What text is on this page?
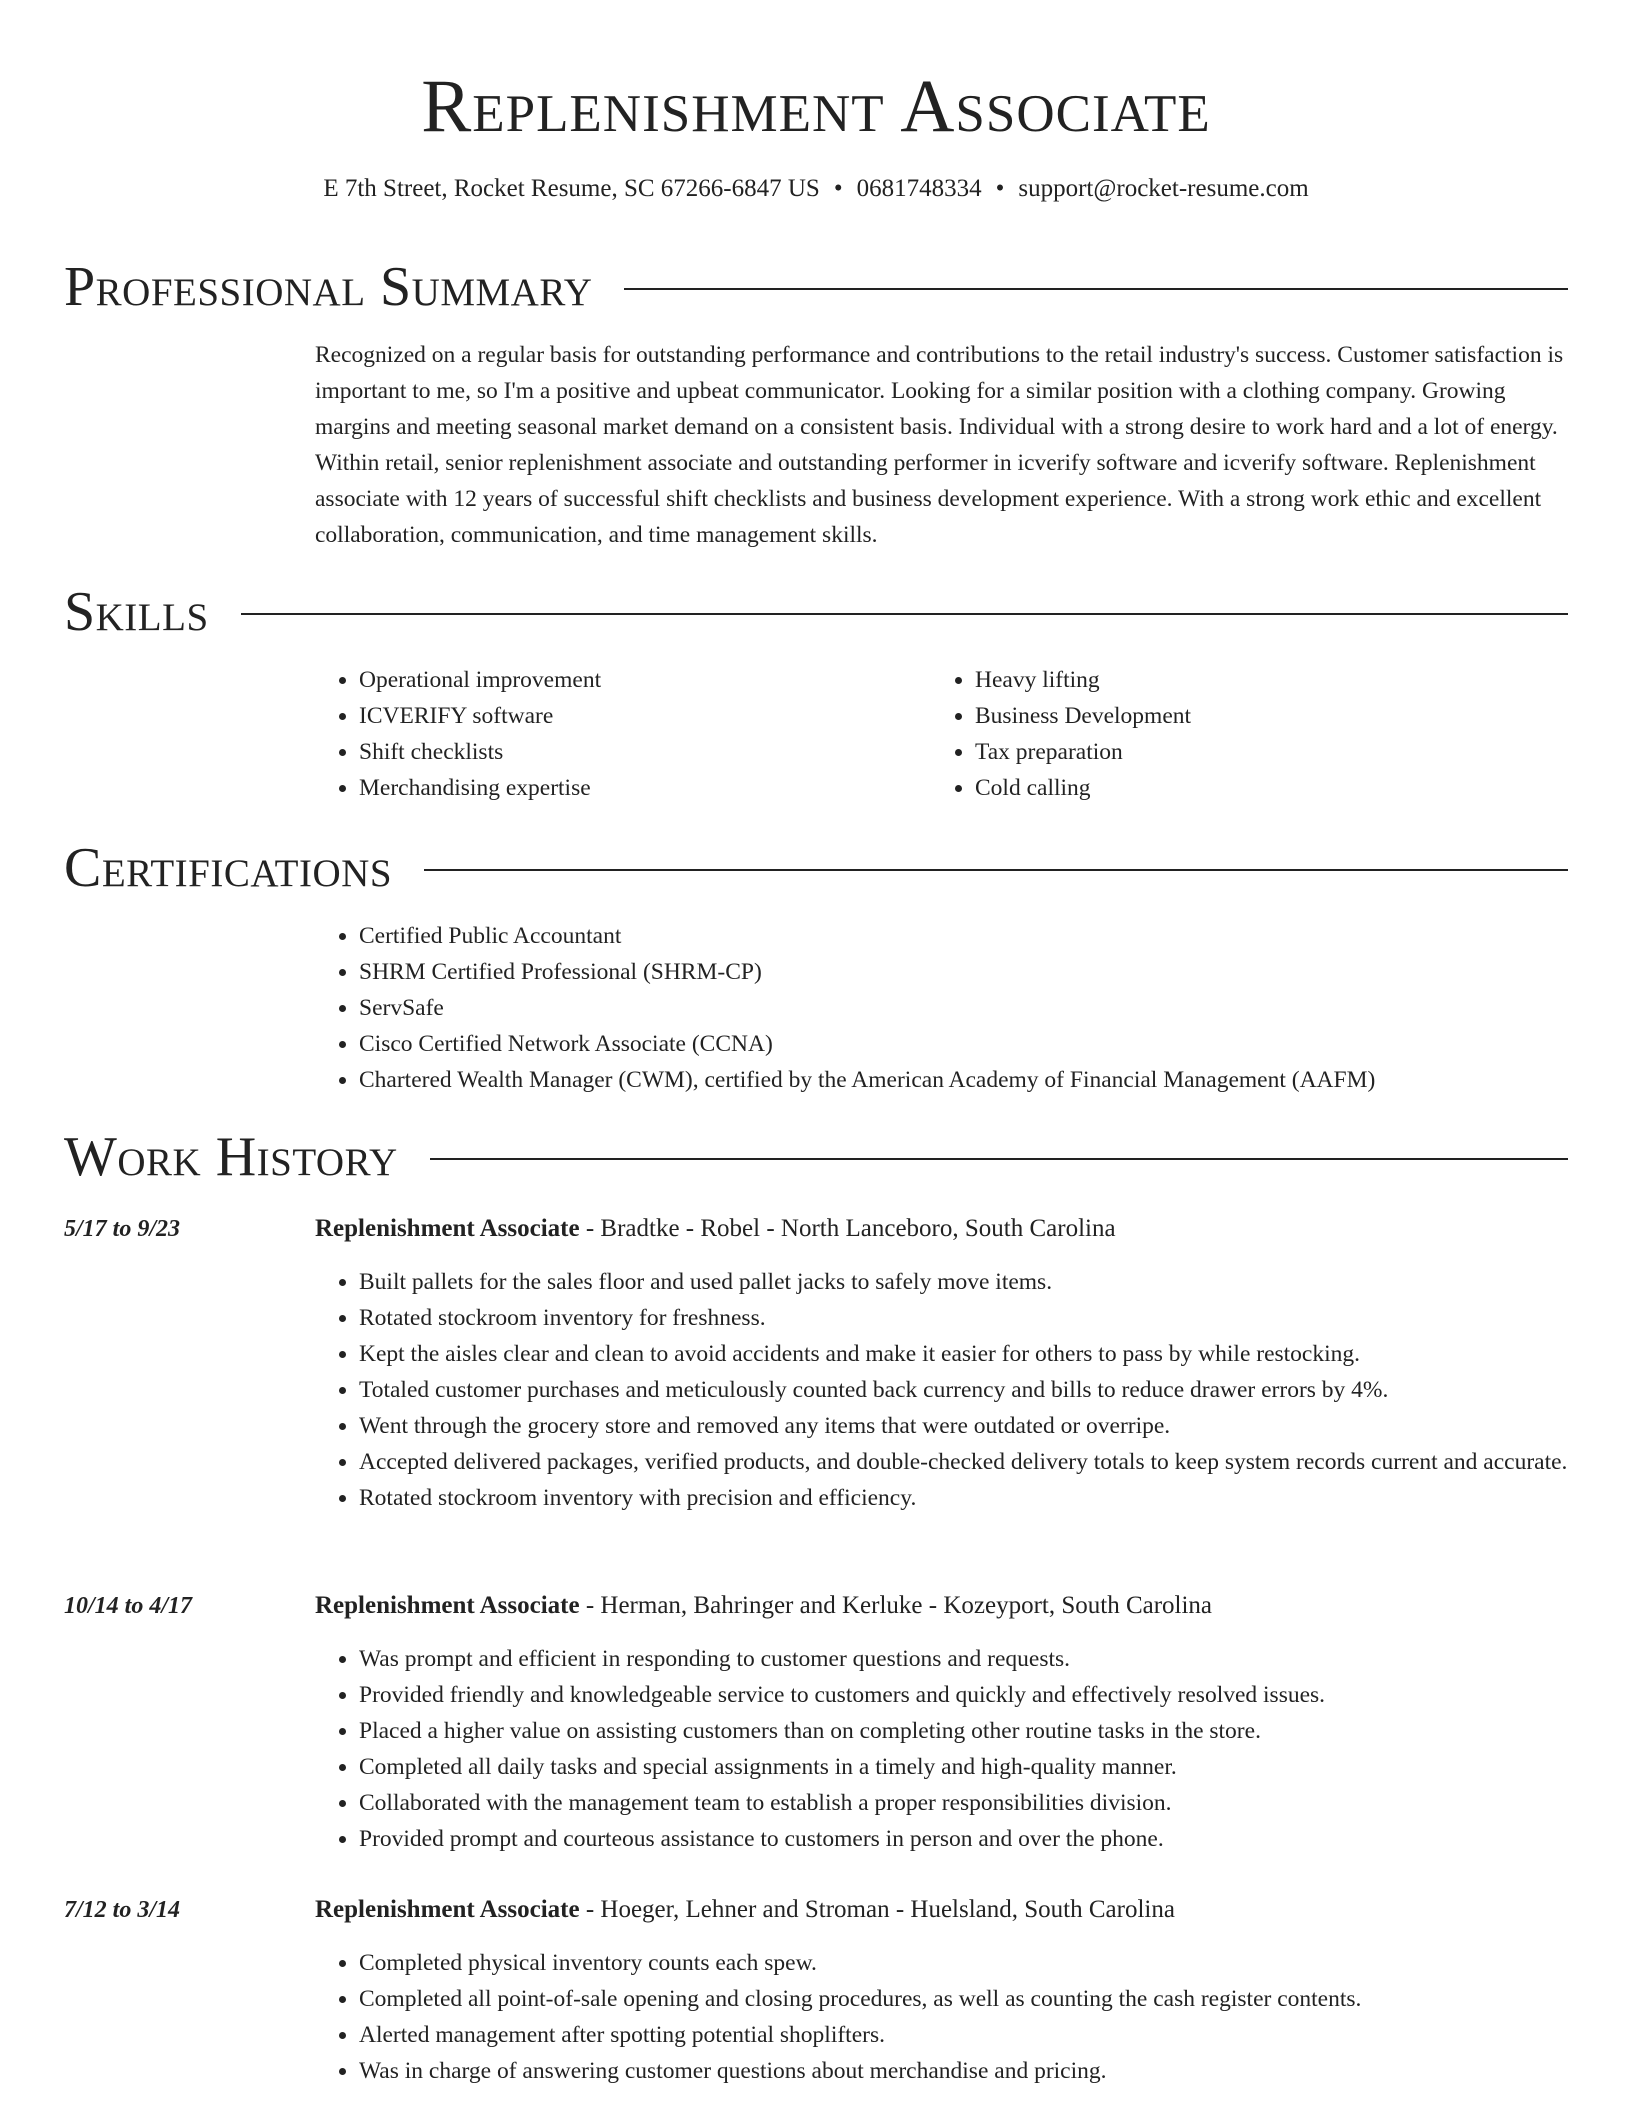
Replenishment Associate
E 7th Street, Rocket Resume, SC 67266-6847 US • 0681748334 • support@rocket-resume.com
Professional Summary

Recognized on a regular basis for outstanding performance and contributions to the retail industry's success. Customer satisfaction is important to me, so I'm a positive and upbeat communicator. Looking for a similar position with a clothing company. Growing margins and meeting seasonal market demand on a consistent basis. Individual with a strong desire to work hard and a lot of energy. Within retail, senior replenishment associate and outstanding performer in icverify software and icverify software. Replenishment associate with 12 years of successful shift checklists and business development experience. With a strong work ethic and excellent collaboration, communication, and time management skills.

Skills
• Operational improvement
• ICVERIFY software
• Shift checklists
• Merchandising expertise
• Heavy lifting
• Business Development
• Tax preparation
• Cold calling
Certifications
• Certified Public Accountant
• SHRM Certified Professional (SHRM-CP)
• ServSafe
• Cisco Certified Network Associate (CCNA)
• Chartered Wealth Manager (CWM), certified by the American Academy of Financial Management (AAFM)
Work History
5/17 to 9/23	Replenishment Associate - Bradtke - Robel - North Lanceboro, South Carolina
• Built pallets for the sales floor and used pallet jacks to safely move items.
• Rotated stockroom inventory for freshness.
• Kept the aisles clear and clean to avoid accidents and make it easier for others to pass by while restocking.
• Totaled customer purchases and meticulously counted back currency and bills to reduce drawer errors by 4%.
• Went through the grocery store and removed any items that were outdated or overripe.
• Accepted delivered packages, verified products, and double-checked delivery totals to keep system records current and accurate.
• Rotated stockroom inventory with precision and efficiency.
10/14 to 4/17	Replenishment Associate - Herman, Bahringer and Kerluke - Kozeyport, South Carolina
• Was prompt and efficient in responding to customer questions and requests.
• Provided friendly and knowledgeable service to customers and quickly and effectively resolved issues.
• Placed a higher value on assisting customers than on completing other routine tasks in the store.
• Completed all daily tasks and special assignments in a timely and high-quality manner.
• Collaborated with the management team to establish a proper responsibilities division.
• Provided prompt and courteous assistance to customers in person and over the phone.
7/12 to 3/14	Replenishment Associate - Hoeger, Lehner and Stroman - Huelsland, South Carolina
• Completed physical inventory counts each spew.
• Completed all point-of-sale opening and closing procedures, as well as counting the cash register contents.
• Alerted management after spotting potential shoplifters.
• Was in charge of answering customer questions about merchandise and pricing.
